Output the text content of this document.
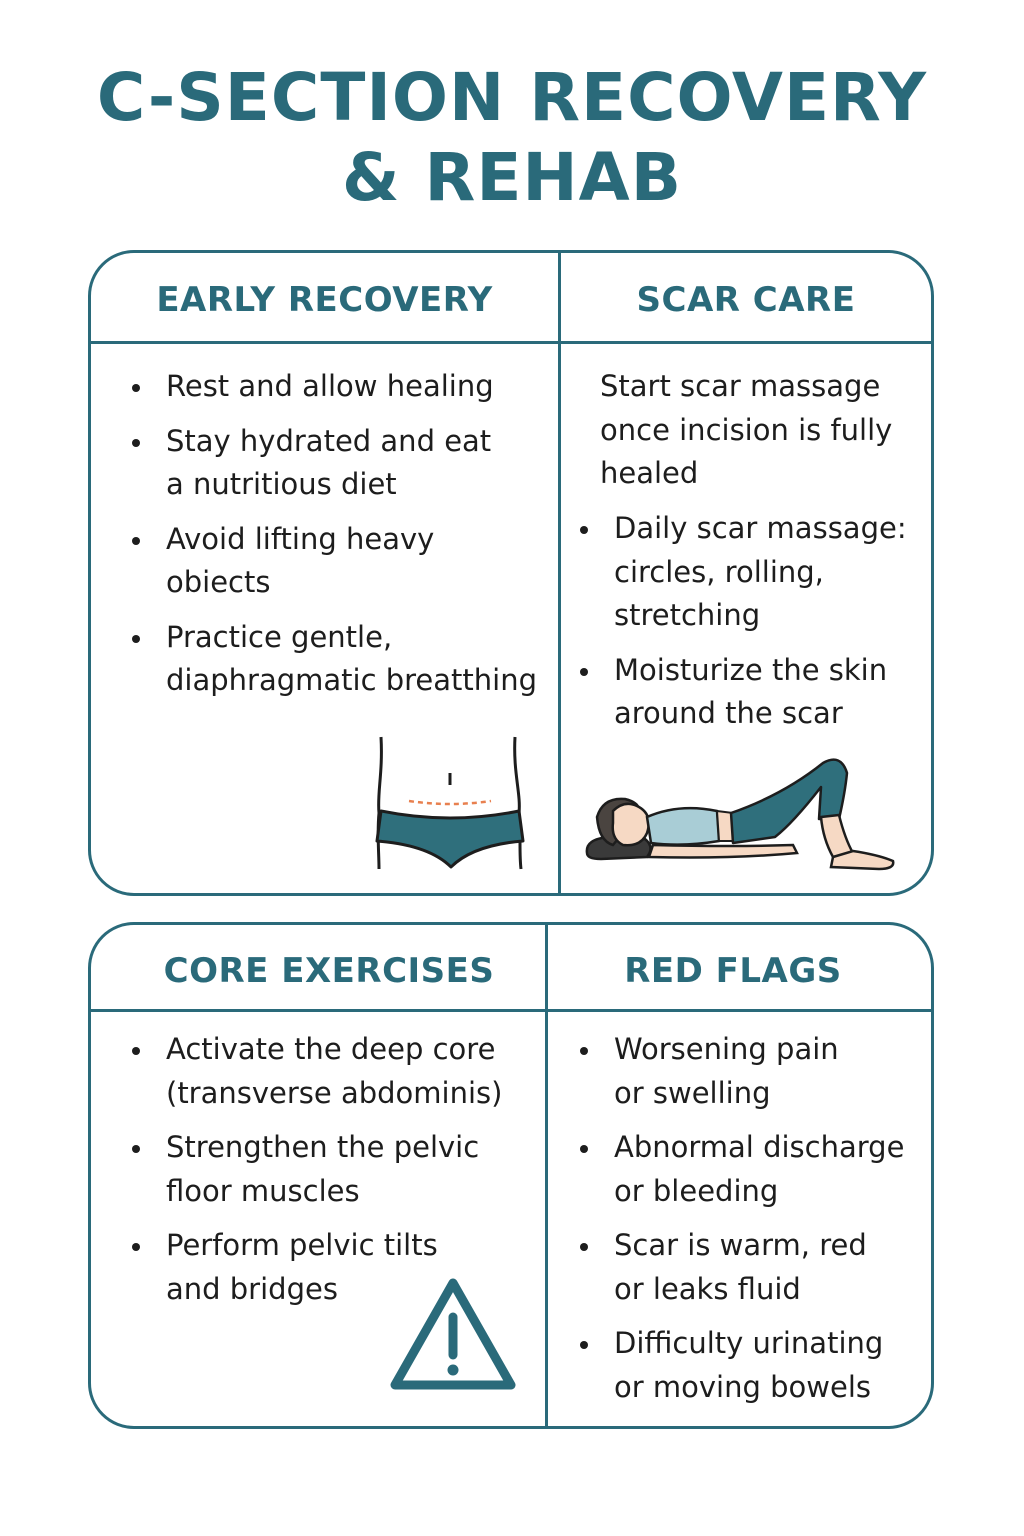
C-SECTION RECOVERY
& REHAB
EARLY RECOVERY	SCAR CARE
Rest and allow healing
Stay hydrated and eat
a nutritious diet
Avoid lifting heavy
obiects
Practice gentle,
diaphragmatic breatthing
Start scar massage
once incision is fully
healed
Daily scar massage:
circles, rolling,
stretching
Moisturize the skin
around the scar
CORE EXERCISES	RED FLAGS
Activate the deep core
(transverse abdominis)
Strengthen the pelvic
floor muscles
Perform pelvic tilts
and bridges
Worsening pain
or swelling
Abnormal discharge
or bleeding
Scar is warm, red
or leaks fluid
Difficulty urinating
or moving bowels
